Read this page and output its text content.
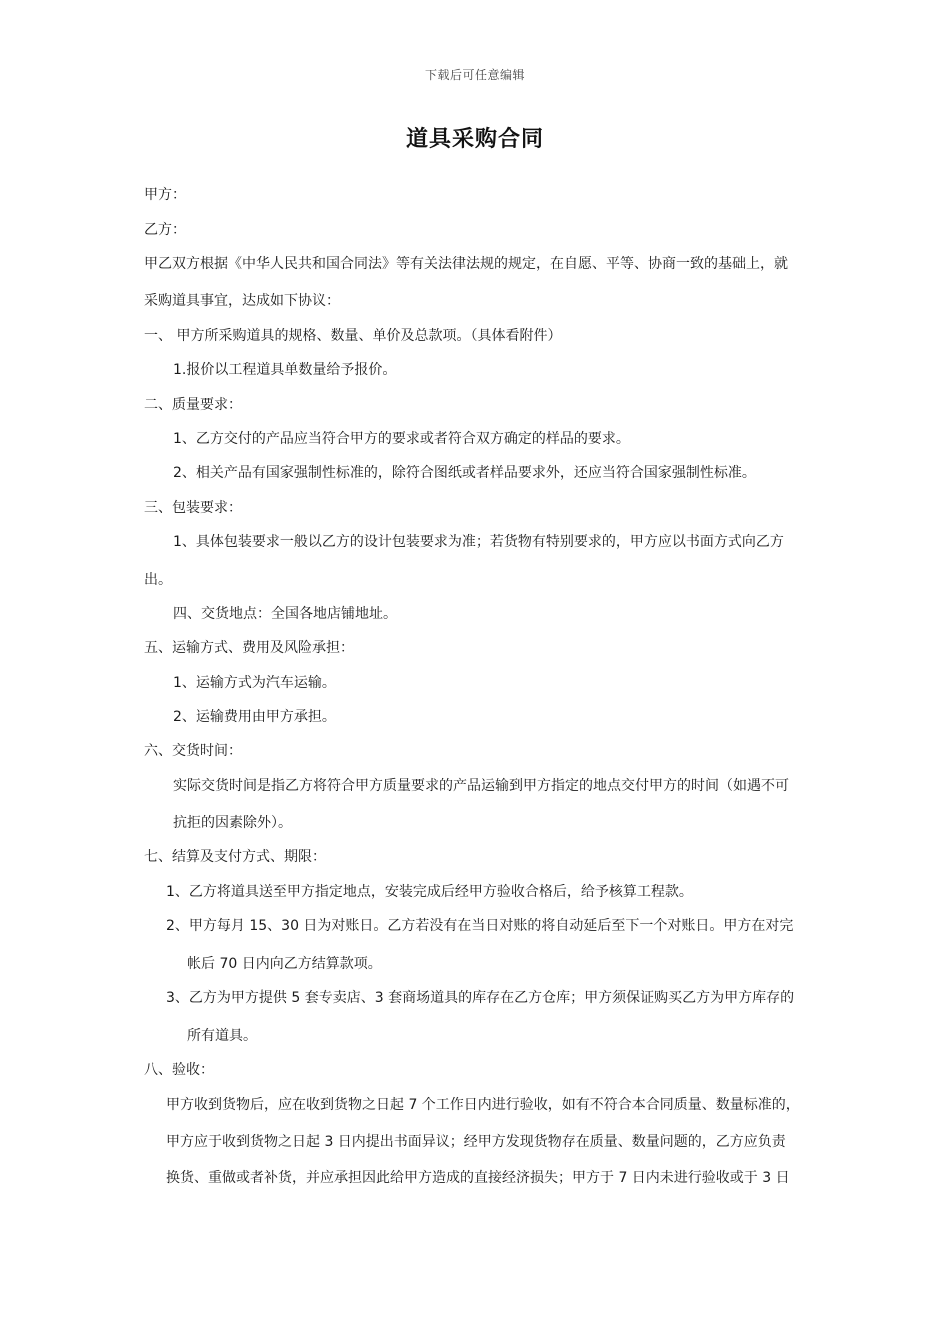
下载后可任意编辑
道具采购合同
甲方：
乙方：
甲乙双方根据《中华人民共和国合同法》等有关法律法规的规定，在自愿、平等、协商一致的基础上，就
采购道具事宜，达成如下协议：
一、 甲方所采购道具的规格、数量、单价及总款项。（具体看附件）
1.报价以工程道具单数量给予报价。
二、质量要求：
1、乙方交付的产品应当符合甲方的要求或者符合双方确定的样品的要求。
2、相关产品有国家强制性标准的，除符合图纸或者样品要求外，还应当符合国家强制性标准。
三、包装要求：
1、具体包装要求一般以乙方的设计包装要求为准；若货物有特别要求的，甲方应以书面方式向乙方
出。
四、交货地点：全国各地店铺地址。
五、运输方式、费用及风险承担：
1、运输方式为汽车运输。
2、运输费用由甲方承担。
六、交货时间：
实际交货时间是指乙方将符合甲方质量要求的产品运输到甲方指定的地点交付甲方的时间（如遇不可
抗拒的因素除外）。
七、结算及支付方式、期限：
1、乙方将道具送至甲方指定地点，安装完成后经甲方验收合格后，给予核算工程款。
2、甲方每月 15、30 日为对账日。乙方若没有在当日对账的将自动延后至下一个对账日。甲方在对完
帐后 70 日内向乙方结算款项。
3、乙方为甲方提供 5 套专卖店、3 套商场道具的库存在乙方仓库；甲方须保证购买乙方为甲方库存的
所有道具。
八、验收：
甲方收到货物后，应在收到货物之日起 7 个工作日内进行验收，如有不符合本合同质量、数量标准的，
甲方应于收到货物之日起 3 日内提出书面异议；经甲方发现货物存在质量、数量问题的，乙方应负责
换货、重做或者补货，并应承担因此给甲方造成的直接经济损失；甲方于 7 日内未进行验收或于 3 日
